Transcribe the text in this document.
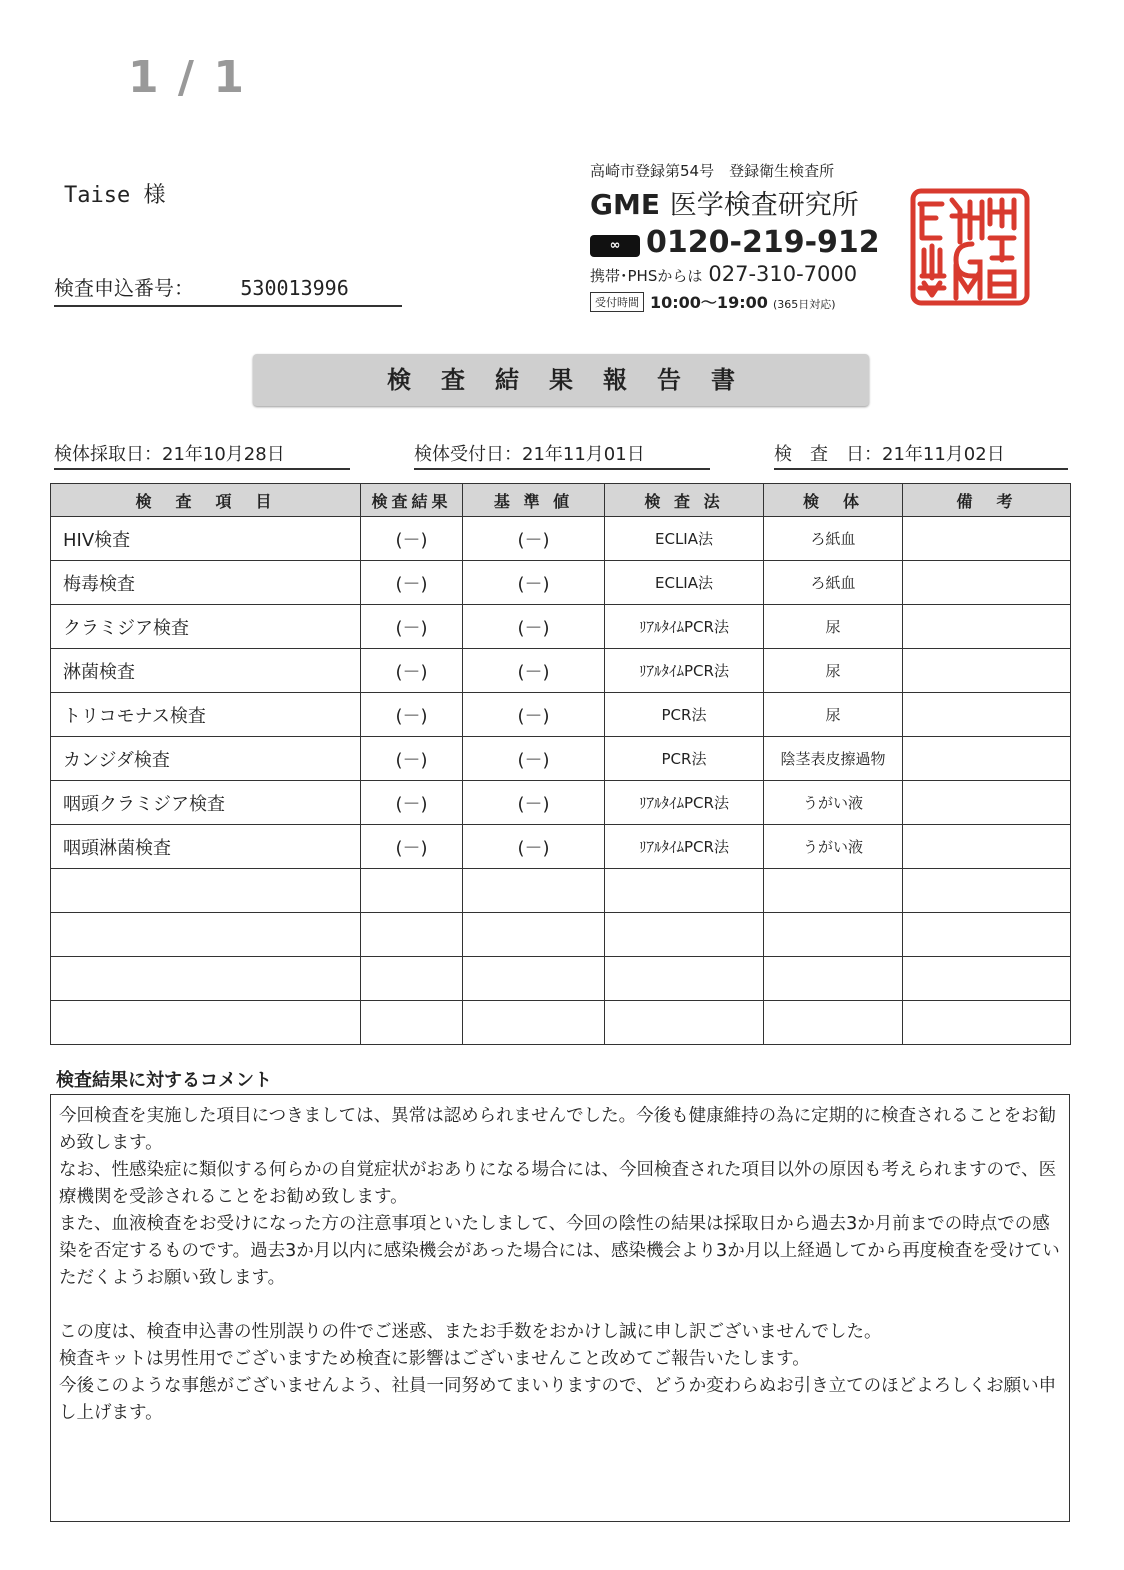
1 / 1
Taise 様
検査申込番号： 530013996
高崎市登録第54号　登録衛生検査所
GME 医学検査研究所
∞ 0120-219-912
携帯･PHSからは 027-310-7000
受付時間 10:00〜19:00 (365日対応)
検査結果報告書
検体採取日：21年10月28日	検体受付日：21年11月01日	検　査　日：21年11月02日
検　査　項　目	検査結果	基 準 値	検 査 法	検　体	備　考
HIV検査	(－)	(－)	ECLIA法	ろ紙血	
梅毒検査	(－)	(－)	ECLIA法	ろ紙血	
クラミジア検査	(－)	(－)	ﾘｱﾙﾀｲﾑPCR法	尿	
淋菌検査	(－)	(－)	ﾘｱﾙﾀｲﾑPCR法	尿	
トリコモナス検査	(－)	(－)	PCR法	尿	
カンジダ検査	(－)	(－)	PCR法	陰茎表皮擦過物	
咽頭クラミジア検査	(－)	(－)	ﾘｱﾙﾀｲﾑPCR法	うがい液	
咽頭淋菌検査	(－)	(－)	ﾘｱﾙﾀｲﾑPCR法	うがい液	

検査結果に対するコメント

今回検査を実施した項目につきましては、異常は認められませんでした。今後も健康維持の為に定期的に検査されることをお勧め致します。

なお、性感染症に類似する何らかの自覚症状がおありになる場合には、今回検査された項目以外の原因も考えられますので、医療機関を受診されることをお勧め致します。

また、血液検査をお受けになった方の注意事項といたしまして、今回の陰性の結果は採取日から過去3か月前までの時点での感染を否定するものです。過去3か月以内に感染機会があった場合には、感染機会より3か月以上経過してから再度検査を受けていただくようお願い致します。

この度は、検査申込書の性別誤りの件でご迷惑、またお手数をおかけし誠に申し訳ございませんでした。

検査キットは男性用でございますため検査に影響はございませんこと改めてご報告いたします。

今後このような事態がございませんよう、社員一同努めてまいりますので、どうか変わらぬお引き立てのほどよろしくお願い申し上げます。
